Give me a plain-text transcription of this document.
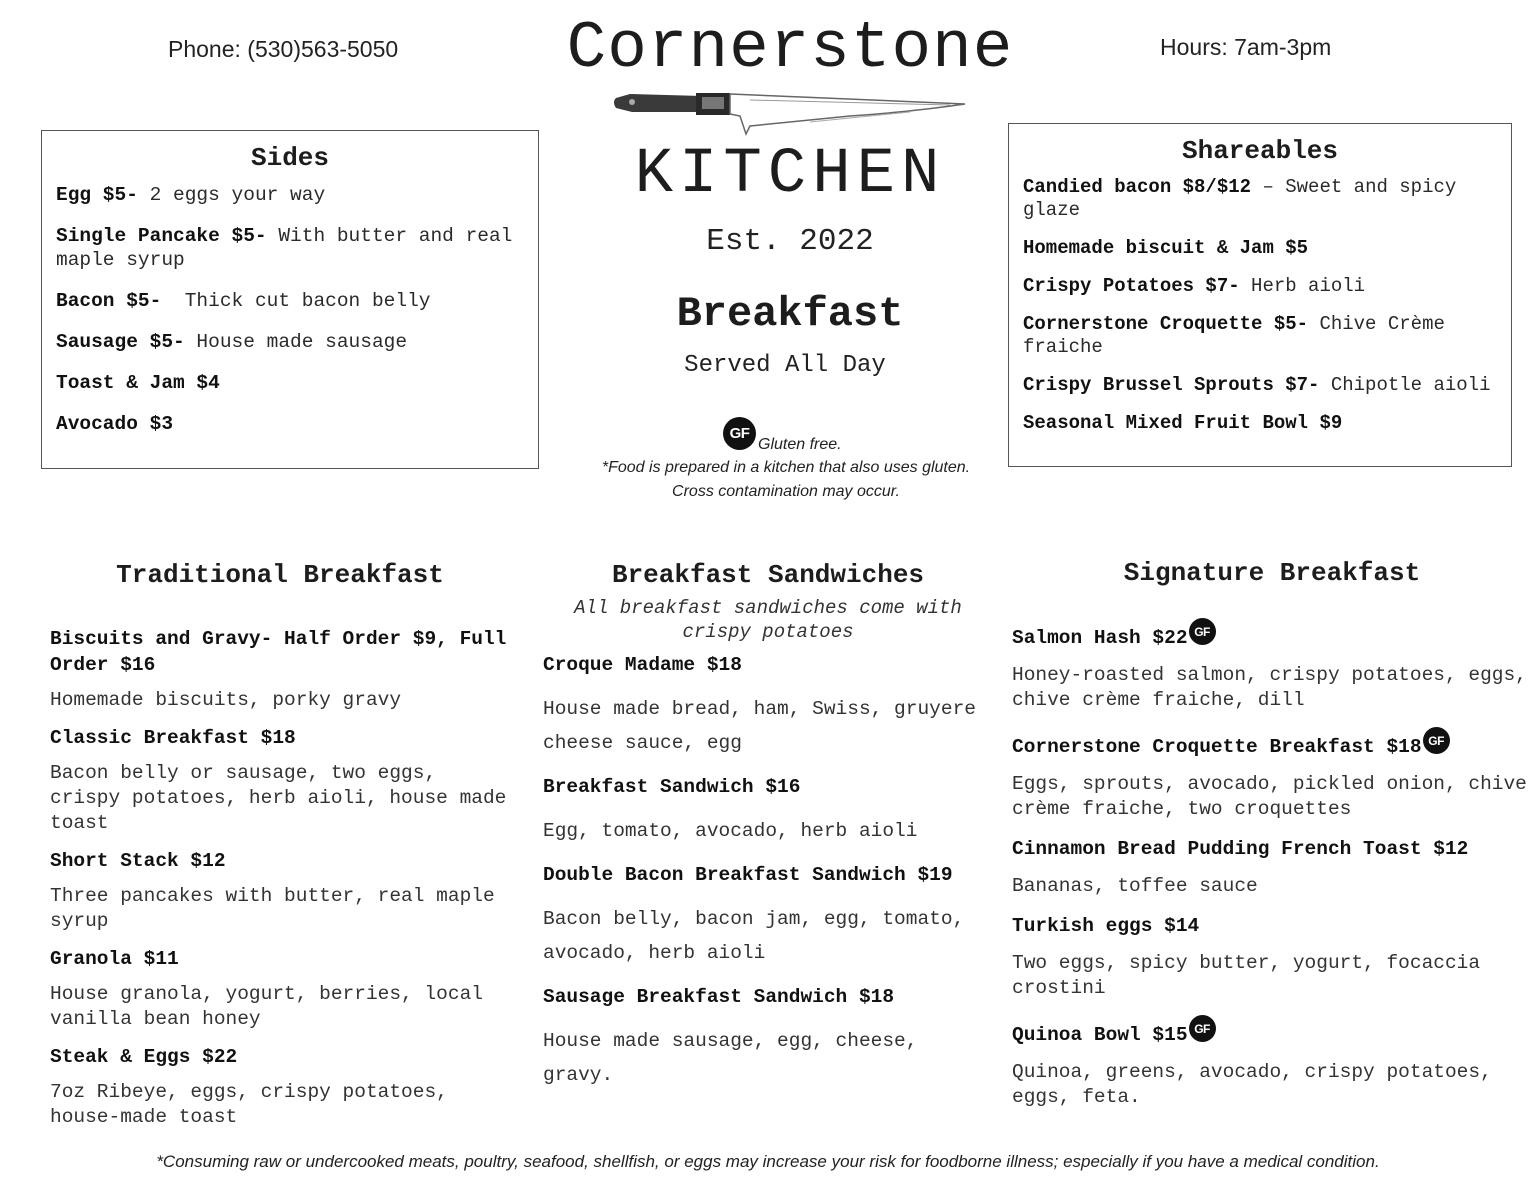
Phone: (530)563-5050	Hours: 7am-3pm
Cornerstone
KITCHEN
Est. 2022
Breakfast
Served All Day
GF
Gluten free.
*Food is prepared in a kitchen that also uses gluten. Cross contamination may occur.
Sides
Egg $5- 2 eggs your way
Single Pancake $5- With butter and real maple syrup
Bacon $5-  Thick cut bacon belly
Sausage $5- House made sausage
Toast & Jam $4
Avocado $3
Shareables
Candied bacon $8/$12 – Sweet and spicy glaze
Homemade biscuit & Jam $5
Crispy Potatoes $7- Herb aioli
Cornerstone Croquette $5- Chive Crème fraiche
Crispy Brussel Sprouts $7- Chipotle aioli
Seasonal Mixed Fruit Bowl $9
Traditional Breakfast
Biscuits and Gravy- Half Order $9, Full Order $16
Homemade biscuits, porky gravy
Classic Breakfast $18
Bacon belly or sausage, two eggs, crispy potatoes, herb aioli, house made toast
Short Stack $12
Three pancakes with butter, real maple syrup
Granola $11
House granola, yogurt, berries, local vanilla bean honey
Steak & Eggs $22
7oz Ribeye, eggs, crispy potatoes, house-made toast
Breakfast Sandwiches
All breakfast sandwiches come with crispy potatoes
Croque Madame $18
House made bread, ham, Swiss, gruyere cheese sauce, egg
Breakfast Sandwich $16
Egg, tomato, avocado, herb aioli
Double Bacon Breakfast Sandwich $19
Bacon belly, bacon jam, egg, tomato, avocado, herb aioli
Sausage Breakfast Sandwich $18
House made sausage, egg, cheese, gravy.
Signature Breakfast
Salmon Hash $22 GF
Honey-roasted salmon, crispy potatoes, eggs, chive crème fraiche, dill
Cornerstone Croquette Breakfast $18 GF
Eggs, sprouts, avocado, pickled onion, chive crème fraiche, two croquettes
Cinnamon Bread Pudding French Toast $12
Bananas, toffee sauce
Turkish eggs $14
Two eggs, spicy butter, yogurt, focaccia crostini
Quinoa Bowl $15 GF
Quinoa, greens, avocado, crispy potatoes, eggs, feta.
*Consuming raw or undercooked meats, poultry, seafood, shellfish, or eggs may increase your risk for foodborne illness; especially if you have a medical condition.
